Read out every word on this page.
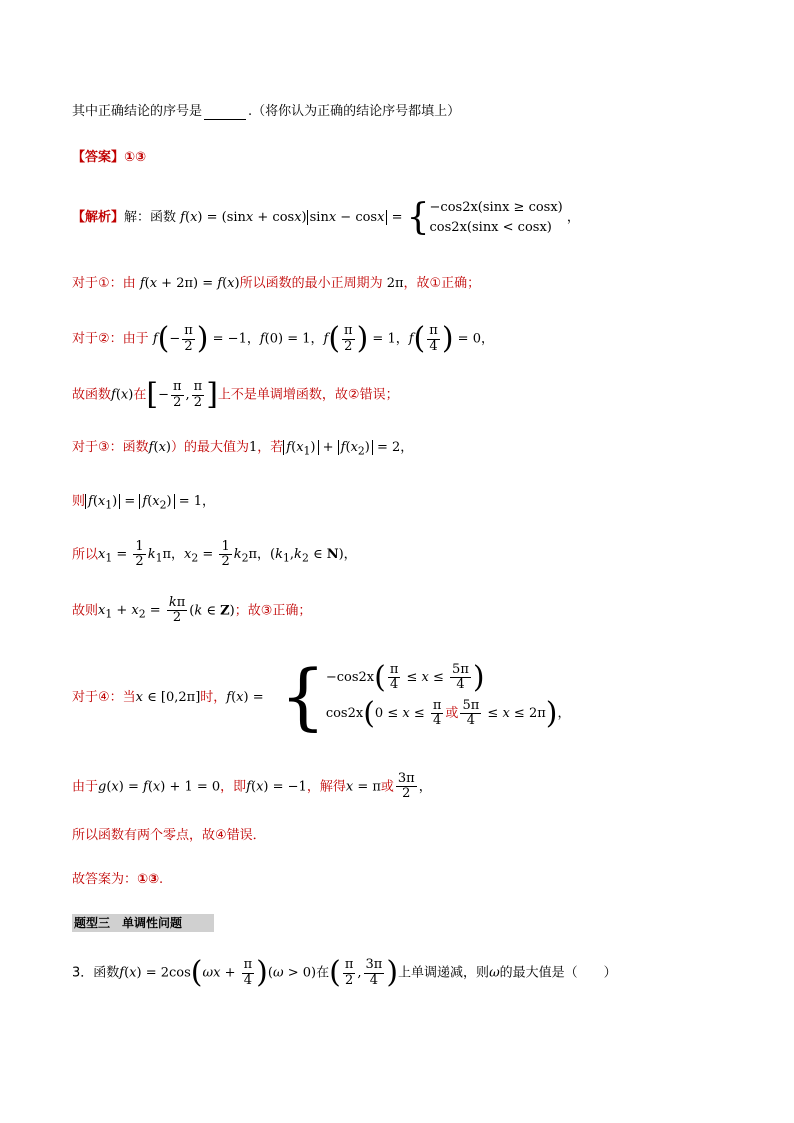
其中正确结论的序号是	.（将你认为正确的结论序号都填上）
【答案】①③
【解析】解：函数 f(x) = (sinx + cosx) sinx − cosx = { −cos2x(sinx ≥ cosx)
cos2x(sinx < cosx)
，
对于①：由 f(x + 2π) = f(x)所以函数的最小正周期为 2π，故①正确；
对于②：由于 $f(- \frac{\pi}{2}$ ) = −1，f(0) = 1，$f( \frac{\pi}{2}$ ) = 1，$f( \frac{\pi}{4}$ ) = 0，
故函数f(x)在[− $\frac{\pi}{2}$ , $\frac{\pi}{2}$ ]上不是单调增函数，故②错误；
对于③：函数f(x)）的最大值为1，若 $f(x_1) + f(x_2) = 2$，
则 $f(x_1) = f(x_2) = 1$，
所以$x_1 = \frac{1}{2} k_1\pi$，$x_2 = \frac{1}{2} k_2\pi$，($k_1,k_2$ ∈ N)，
故则$x_1 + x_2 = \frac{k\pi}{2} (k$ ∈ Z)；故③正确；
对于④：当x ∈ [0,2π]时，f(x) = { $-\cos 2x( \frac{\pi}{4} \le x \le \frac{5\pi}{4}$ )
$\cos 2x(0 \le x \le \frac{\pi}{4}$ 或 $\frac{5\pi}{4} \le x \le 2\pi$)，
由于g(x) = f(x) + 1 = 0，即f(x) = −1，解得x = π或 $\frac{3\pi}{2}$ ，
所以函数有两个零点，故④错误．
故答案为：①③.
题型三　单调性问题
3．函数$f(x) = 2\cos(\omega x + \frac{\pi}{4} )(\omega > 0)$在( $\frac{\pi}{2}$ , $\frac{3\pi}{4}$ )上单调递减，则ω的最大值是（　　）
